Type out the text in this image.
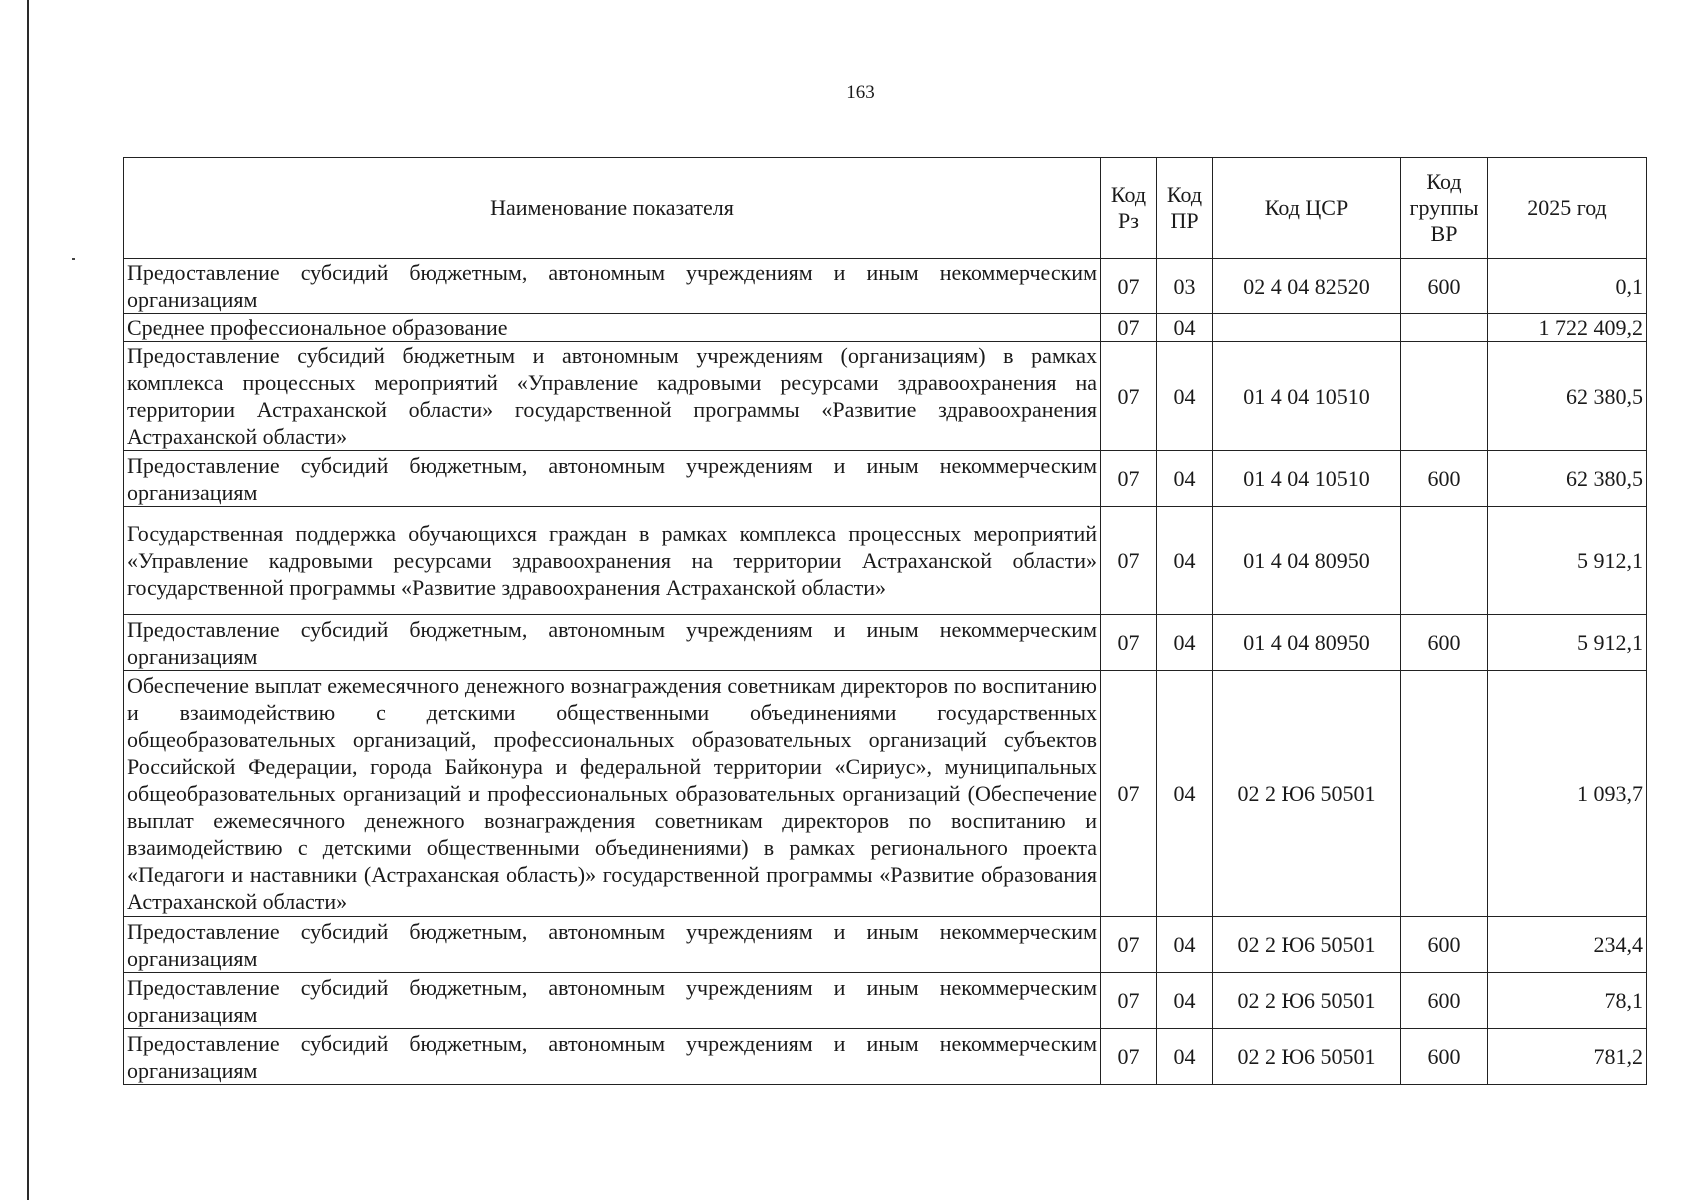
163
Наименование показателя	Код Рз	Код ПР	Код ЦСР	Код группы ВР	2025 год
Предоставление субсидий бюджетным, автономным учреждениям и иным некоммерческим организациям	07	03	02 4 04 82520	600	0,1
Среднее профессиональное образование	07	04			1 722 409,2
Предоставление субсидий бюджетным и автономным учреждениям (организациям) в рамках комплекса процессных мероприятий «Управление кадровыми ресурсами здравоохранения на территории Астраханской области» государственной программы «Развитие здравоохранения Астраханской области»	07	04	01 4 04 10510		62 380,5
Предоставление субсидий бюджетным, автономным учреждениям и иным некоммерческим организациям	07	04	01 4 04 10510	600	62 380,5
Государственная поддержка обучающихся граждан в рамках комплекса процессных мероприятий «Управление кадровыми ресурсами здравоохранения на территории Астраханской области» государственной программы «Развитие здравоохранения Астраханской области»	07	04	01 4 04 80950		5 912,1
Предоставление субсидий бюджетным, автономным учреждениям и иным некоммерческим организациям	07	04	01 4 04 80950	600	5 912,1
Обеспечение выплат ежемесячного денежного вознаграждения советникам директоров по воспитанию и взаимодействию с детскими общественными объединениями государственных общеобразовательных организаций, профессиональных образовательных организаций субъектов Российской Федерации, города Байконура и федеральной территории «Сириус», муниципальных общеобразовательных организаций и профессиональных образовательных организаций (Обеспечение выплат ежемесячного денежного вознаграждения советникам директоров по воспитанию и взаимодействию с детскими общественными объединениями) в рамках регионального проекта «Педагоги и наставники (Астраханская область)» государственной программы «Развитие образования Астраханской области»	07	04	02 2 Ю6 50501		1 093,7
Предоставление субсидий бюджетным, автономным учреждениям и иным некоммерческим организациям	07	04	02 2 Ю6 50501	600	234,4
Предоставление субсидий бюджетным, автономным учреждениям и иным некоммерческим организациям	07	04	02 2 Ю6 50501	600	78,1
Предоставление субсидий бюджетным, автономным учреждениям и иным некоммерческим организациям	07	04	02 2 Ю6 50501	600	781,2
